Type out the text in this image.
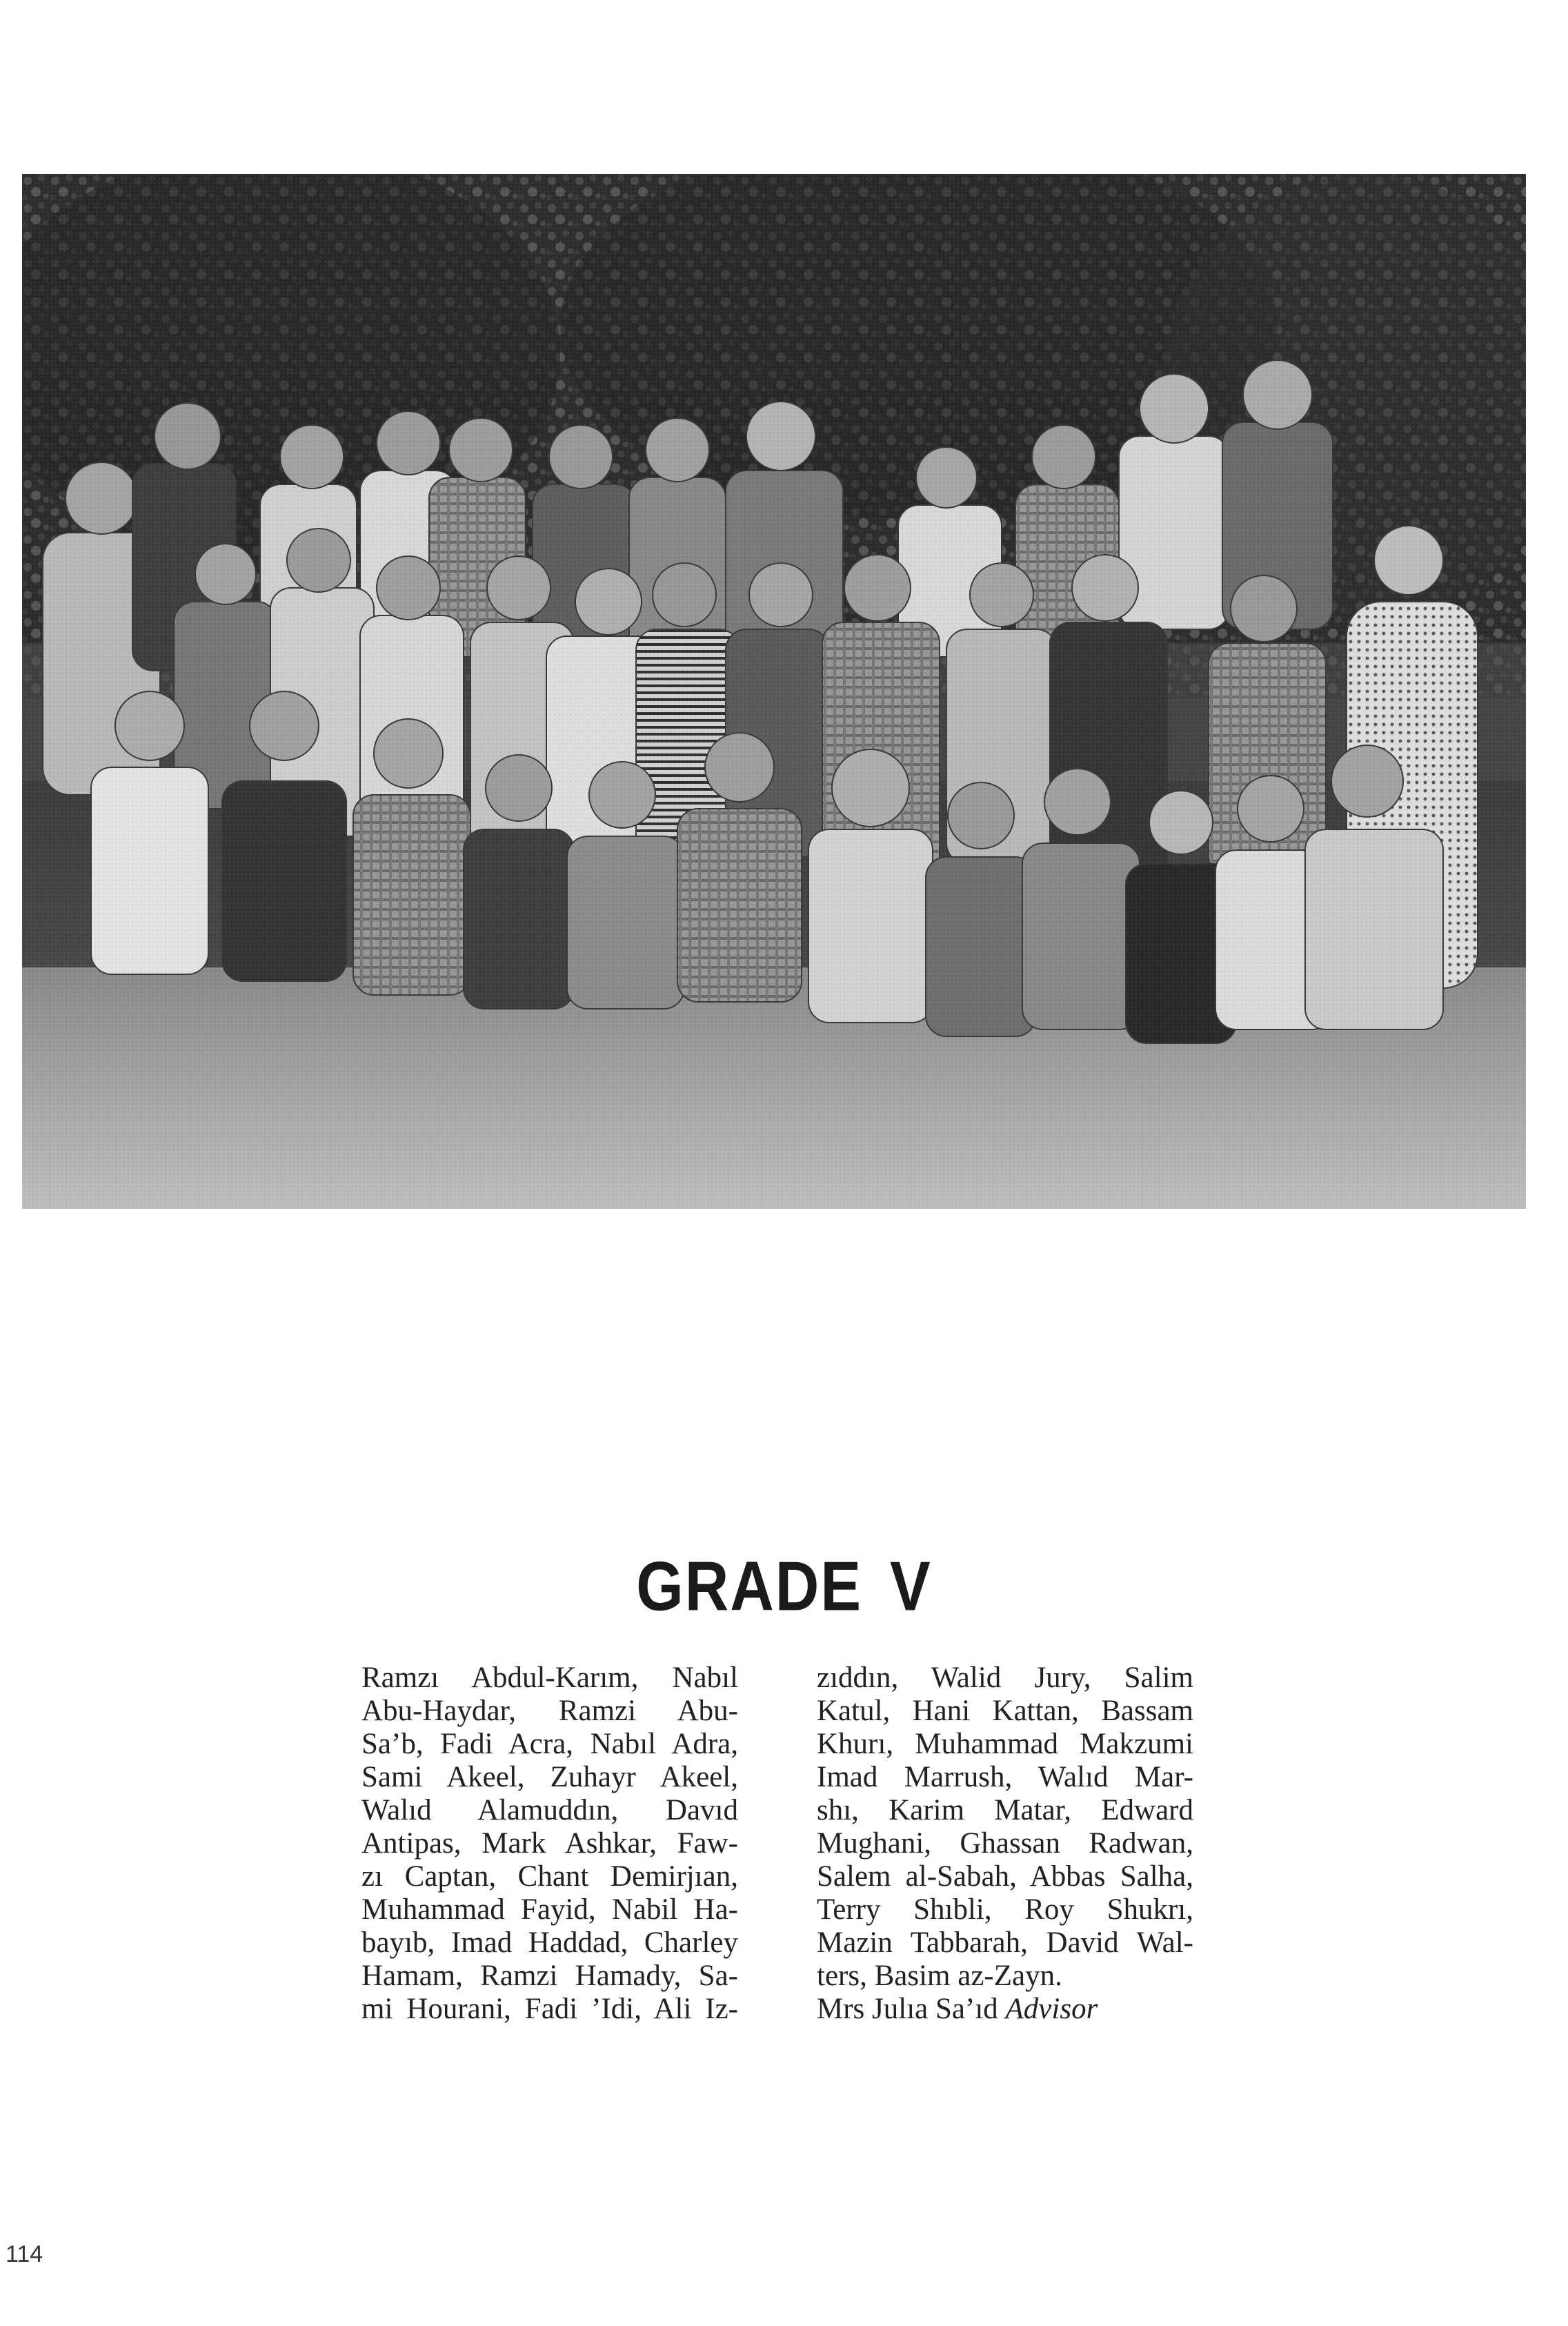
GRADE V
Ramzı Abdul-Karım, Nabıl
Abu-Haydar, Ramzi Abu-
Sa’b, Fadi Acra, Nabıl Adra,
Sami Akeel, Zuhayr Akeel,
Walıd Alamuddın, Davıd
Antipas, Mark Ashkar, Faw-
zı Captan, Chant Demirjıan,
Muhammad Fayid, Nabil Ha-
bayıb, Imad Haddad, Charley
Hamam, Ramzi Hamady, Sa-
mi Hourani, Fadi ’Idi, Ali Iz-
zıddın, Walid Jury, Salim
Katul, Hani Kattan, Bassam
Khurı, Muhammad Makzumi
Imad Marrush, Walıd Mar-
shı, Karim Matar, Edward
Mughani, Ghassan Radwan,
Salem al-Sabah, Abbas Salha,
Terry Shıbli, Roy Shukrı,
Mazin Tabbarah, David Wal-
ters, Basim az-Zayn.
Mrs Julıa Sa’ıd Advisor
114
